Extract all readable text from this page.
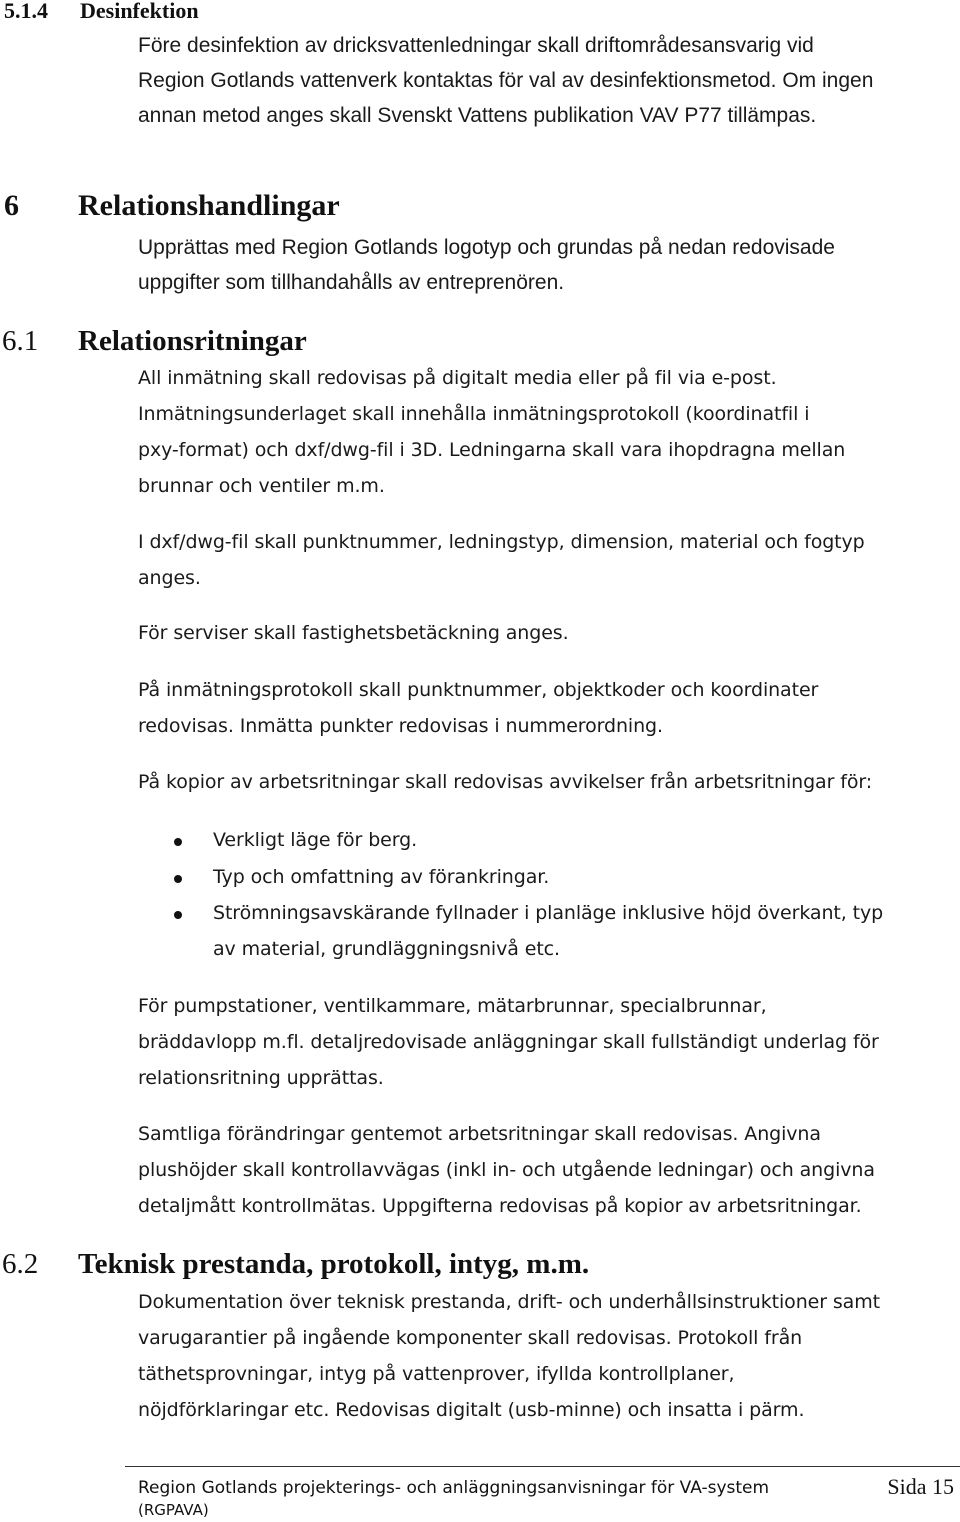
5.1.4 Desinfektion
Före desinfektion av dricksvattenledningar skall driftområdesansvarig vid
Region Gotlands vattenverk kontaktas för val av desinfektionsmetod. Om ingen
annan metod anges skall Svenskt Vattens publikation VAV P77 tillämpas.
6 Relationshandlingar
Upprättas med Region Gotlands logotyp och grundas på nedan redovisade
uppgifter som tillhandahålls av entreprenören.
6.1 Relationsritningar
All inmätning skall redovisas på digitalt media eller på fil via e-post.
Inmätningsunderlaget skall innehålla inmätningsprotokoll (koordinatfil i
pxy-format) och dxf/dwg-fil i 3D. Ledningarna skall vara ihopdragna mellan
brunnar och ventiler m.m.
I dxf/dwg-fil skall punktnummer, ledningstyp, dimension, material och fogtyp
anges.
För serviser skall fastighetsbetäckning anges.
På inmätningsprotokoll skall punktnummer, objektkoder och koordinater
redovisas. Inmätta punkter redovisas i nummerordning.
På kopior av arbetsritningar skall redovisas avvikelser från arbetsritningar för:
Verkligt läge för berg.
Typ och omfattning av förankringar.
Strömningsavskärande fyllnader i planläge inklusive höjd överkant, typ
av material, grundläggningsnivå etc.
För pumpstationer, ventilkammare, mätarbrunnar, specialbrunnar,
bräddavlopp m.fl. detaljredovisade anläggningar skall fullständigt underlag för
relationsritning upprättas.
Samtliga förändringar gentemot arbetsritningar skall redovisas. Angivna
plushöjder skall kontrollavvägas (inkl in- och utgående ledningar) och angivna
detaljmått kontrollmätas. Uppgifterna redovisas på kopior av arbetsritningar.
6.2 Teknisk prestanda, protokoll, intyg, m.m.
Dokumentation över teknisk prestanda, drift- och underhållsinstruktioner samt
varugarantier på ingående komponenter skall redovisas. Protokoll från
täthetsprovningar, intyg på vattenprover, ifyllda kontrollplaner,
nöjdförklaringar etc. Redovisas digitalt (usb-minne) och insatta i pärm.
Region Gotlands projekterings- och anläggningsanvisningar för VA-system
(RGPAVA)
Sida 15
